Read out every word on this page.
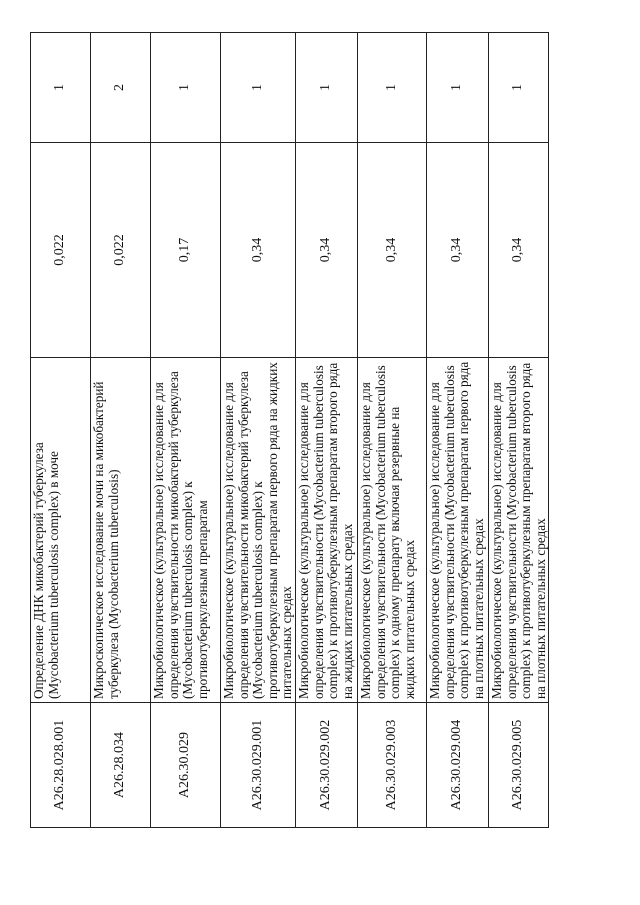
A26.28.028.001	Определение ДНК микобактерий туберкулеза (Mycobacterium tuberculosis complex) в моче	0,022	1
A26.28.034	Микроскопическое исследование мочи на микобактерий туберкулеза (Mycobacterium tuberculosis)	0,022	2
A26.30.029	Микробиологическое (культуральное) исследование для определения чувствительности микобактерий туберкулеза (Mycobacterium tuberculosis complex) к противотуберкулезным препаратам	0,17	1
A26.30.029.001	Микробиологическое (культуральное) исследование для определения чувствительности микобактерий туберкулеза (Mycobacterium tuberculosis complex) к противотуберкулезным препаратам первого ряда на жидких питательных средах	0,34	1
A26.30.029.002	Микробиологическое (культуральное) исследование для определения чувствительности (Mycobacterium tuberculosis complex) к противотуберкулезным препаратам второго ряда на жидких питательных средах	0,34	1
A26.30.029.003	Микробиологическое (культуральное) исследование для определения чувствительности (Mycobacterium tuberculosis complex) к одному препарату включая резервные на жидких питательных средах	0,34	1
A26.30.029.004	Микробиологическое (культуральное) исследование для определения чувствительности (Mycobacterium tuberculosis complex) к противотуберкулезным препаратам первого ряда на плотных питательных средах	0,34	1
A26.30.029.005	Микробиологическое (культуральное) исследование для определения чувствительности (Mycobacterium tuberculosis complex) к противотуберкулезным препаратам второго ряда на плотных питательных средах	0,34	1
